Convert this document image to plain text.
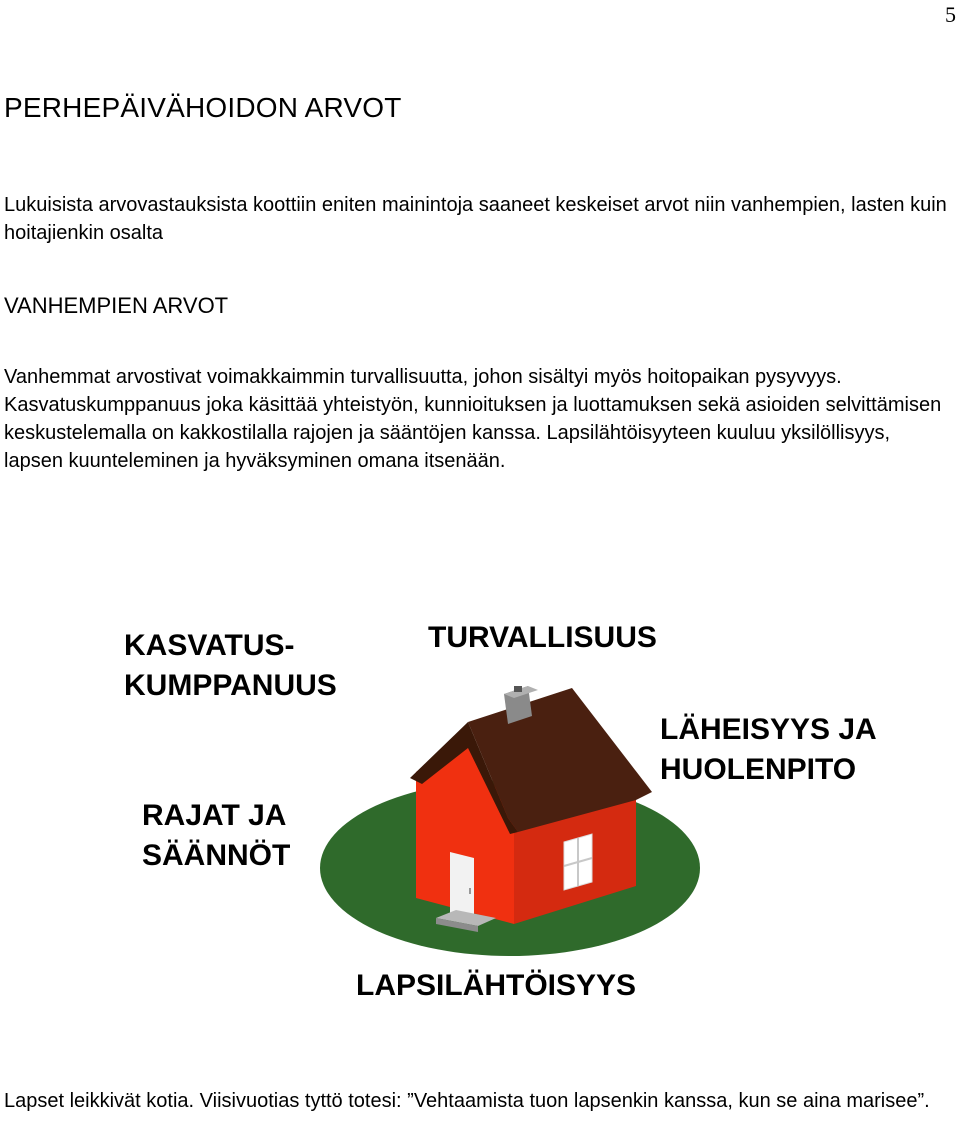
5
PERHEPÄIVÄHOIDON ARVOT

Lukuisista arvovastauksista koottiin eniten mainintoja saaneet keskeiset arvot niin vanhempien, lasten kuin hoitajienkin osalta

VANHEMPIEN ARVOT

Vanhemmat arvostivat voimakkaimmin turvallisuutta, johon sisältyi myös hoitopaikan pysyvyys. Kasvatuskumppanuus joka käsittää yhteistyön, kunnioituksen ja luottamuksen sekä asioiden selvittämisen keskustelemalla on kakkostilalla rajojen ja sääntöjen kanssa. Lapsilähtöisyyteen kuuluu yksilöllisyys, lapsen kuunteleminen ja hyväksyminen omana itsenään.

KASVATUS-
KUMPPANUUS

TURVALLISUUS

LÄHEISYYS JA
HUOLENPITO

RAJAT JA
SÄÄNNÖT

LAPSILÄHTÖISYYS

Lapset leikkivät kotia. Viisivuotias tyttö totesi: ”Vehtaamista tuon lapsenkin kanssa, kun se aina marisee”.
